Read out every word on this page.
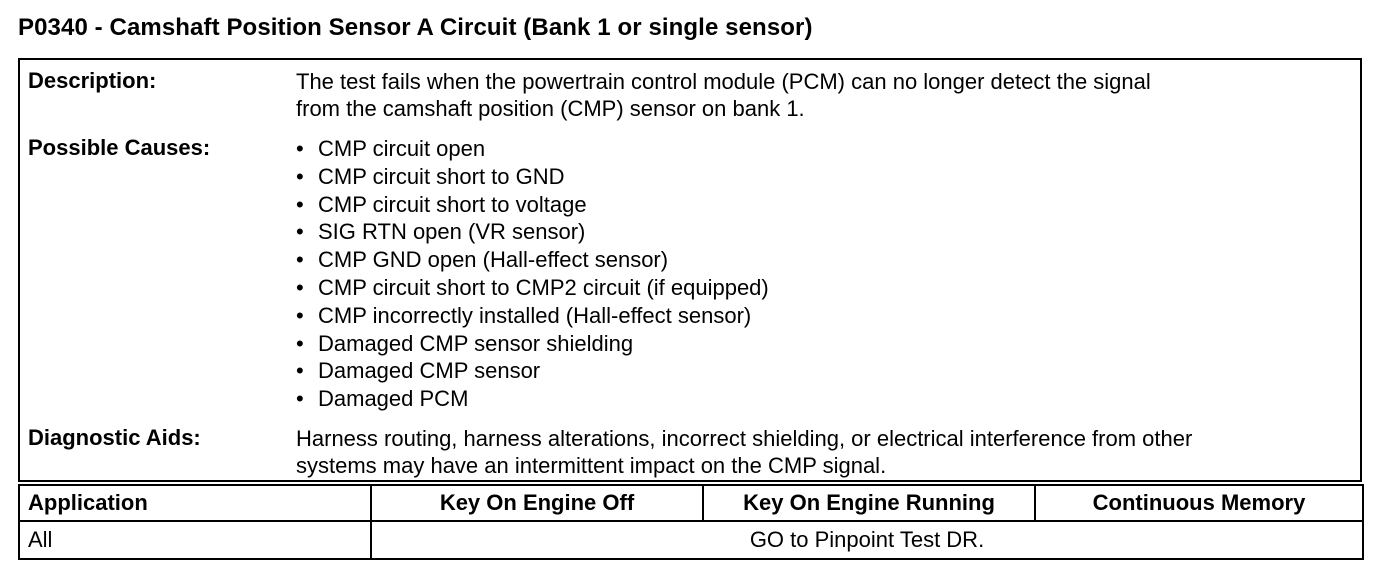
P0340 - Camshaft Position Sensor A Circuit (Bank 1 or single sensor)
Description:	The test fails when the powertrain control module (PCM) can no longer detect the signal
from the camshaft position (CMP) sensor on bank 1.
Possible Causes:	• CMP circuit open
• CMP circuit short to GND
• CMP circuit short to voltage
• SIG RTN open (VR sensor)
• CMP GND open (Hall-effect sensor)
• CMP circuit short to CMP2 circuit (if equipped)
• CMP incorrectly installed (Hall-effect sensor)
• Damaged CMP sensor shielding
• Damaged CMP sensor
• Damaged PCM
Diagnostic Aids:	Harness routing, harness alterations, incorrect shielding, or electrical interference from other
systems may have an intermittent impact on the CMP signal.
Application	Key On Engine Off	Key On Engine Running	Continuous Memory
All	GO to Pinpoint Test DR.		
